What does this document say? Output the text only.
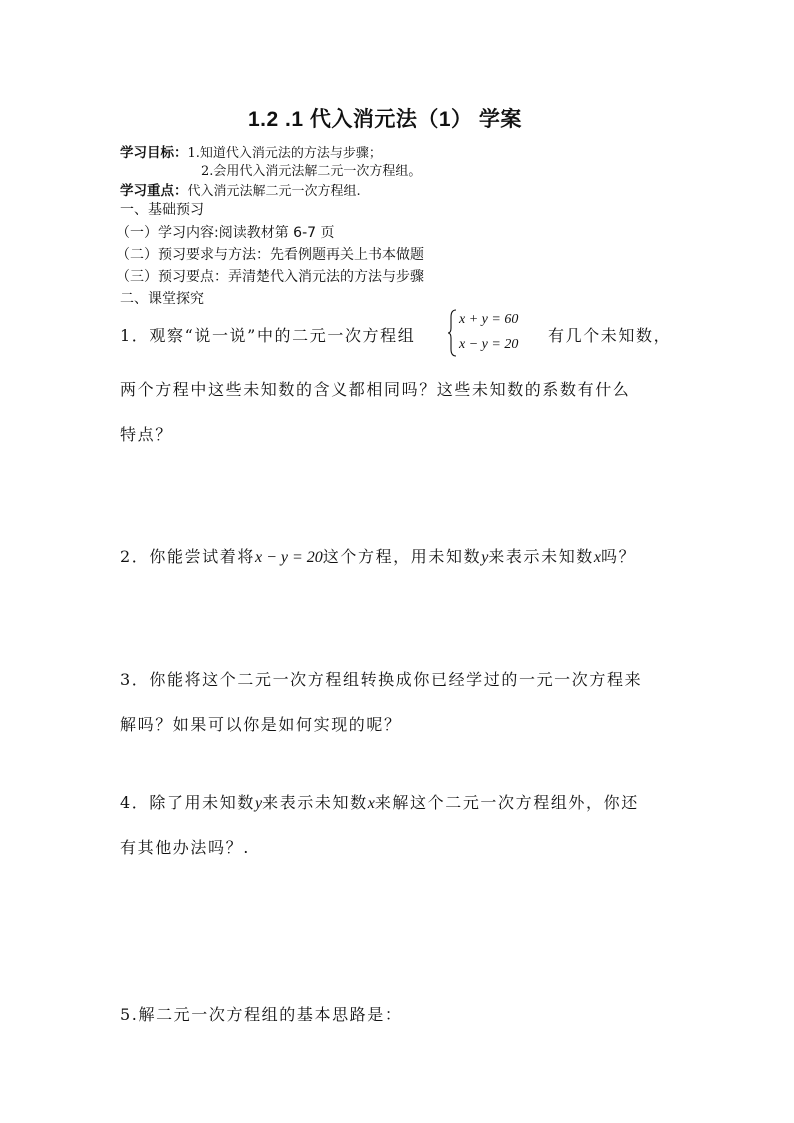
1.2 .1 代入消元法（1） 学案
学习目标：1.知道代入消元法的方法与步骤；
2.会用代入消元法解二元一次方程组。
学习重点：代入消元法解二元一次方程组.
一、基础预习
（一）学习内容:阅读教材第 6-7 页
（二）预习要求与方法：先看例题再关上书本做题
（三）预习要点：弄清楚代入消元法的方法与步骤
二、课堂探究
1．观察“说一说”中的二元一次方程组
x + y = 60
x − y = 20 有几个未知数，
两个方程中这些未知数的含义都相同吗？这些未知数的系数有什么
特点？
2．你能尝试着将x − y = 20这个方程，用未知数y来表示未知数x吗？
3．你能将这个二元一次方程组转换成你已经学过的一元一次方程来
解吗？如果可以你是如何实现的呢？
4．除了用未知数y来表示未知数x来解这个二元一次方程组外，你还
有其他办法吗？.
5.解二元一次方程组的基本思路是：
